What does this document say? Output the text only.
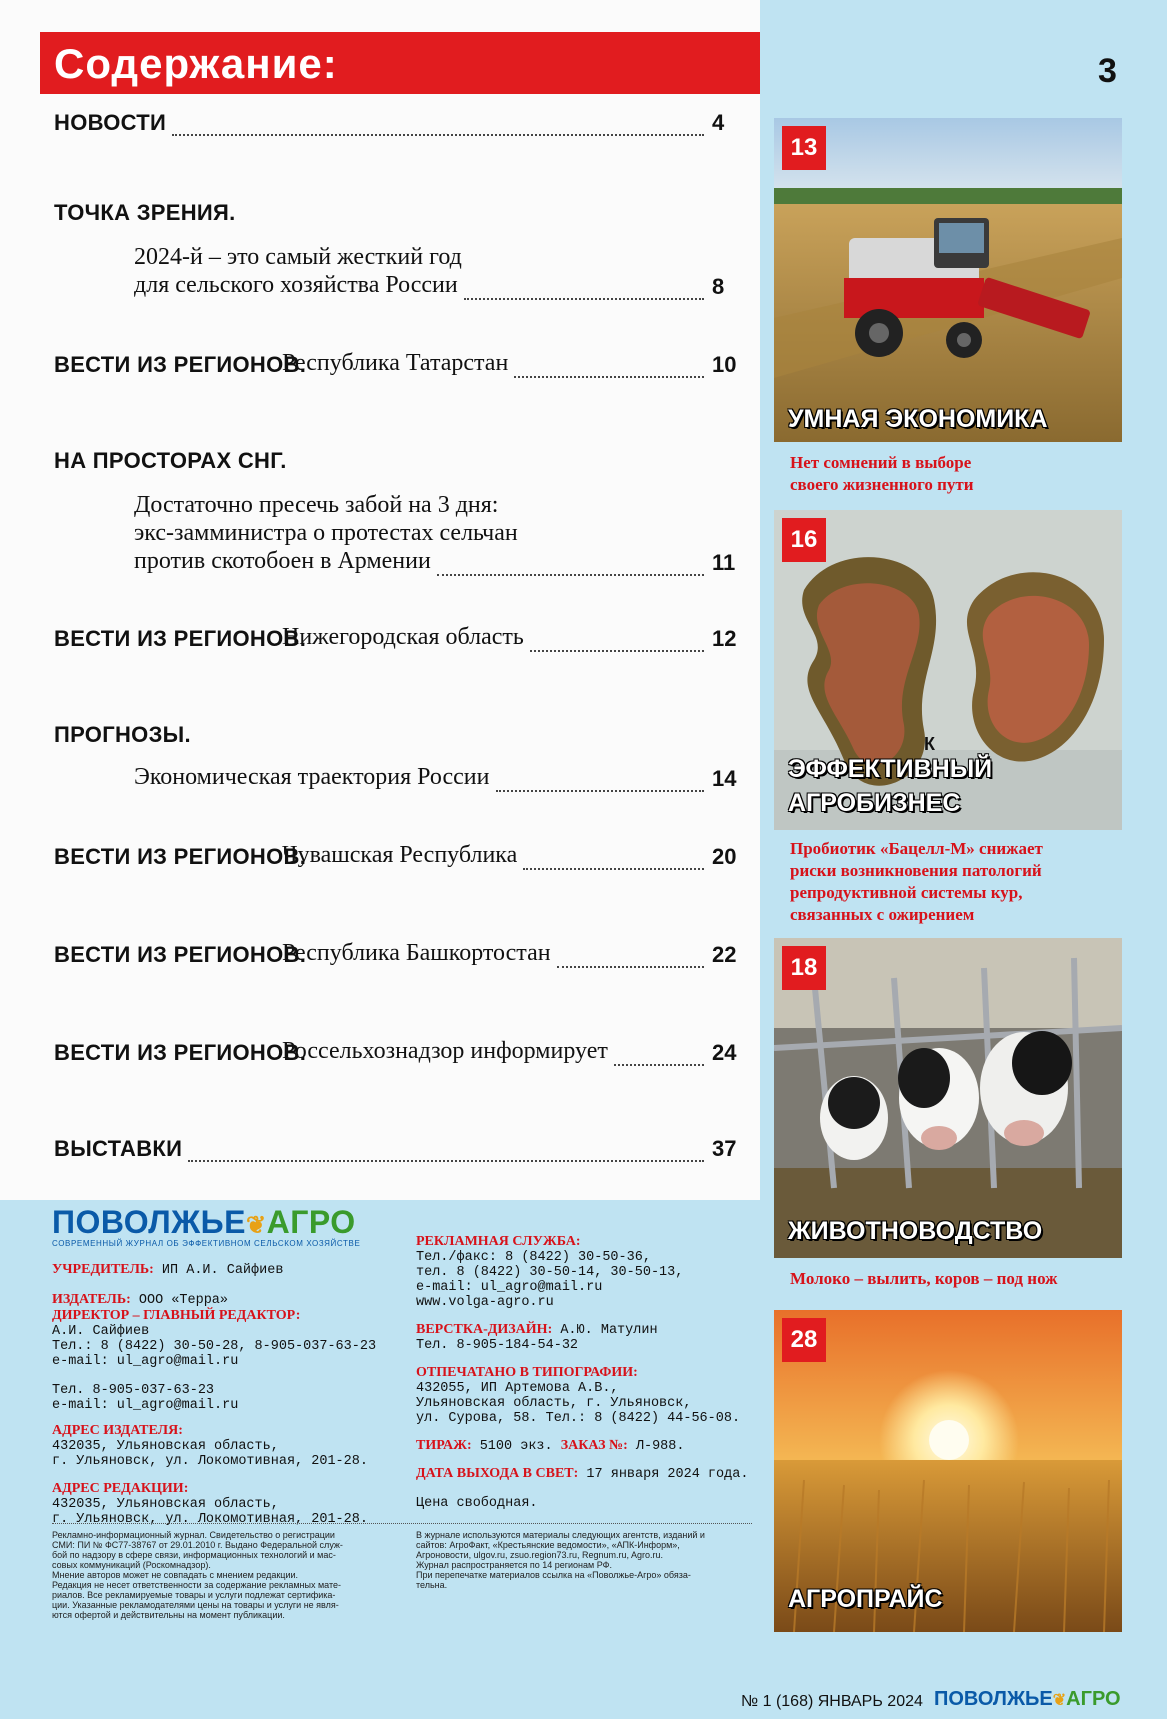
Содержание:	3
НОВОСТИ	4
ТОЧКА ЗРЕНИЯ.
2024-й – это самый жесткий год
для сельского хозяйства России	8
ВЕСТИ ИЗ РЕГИОНОВ.
Республика Татарстан	10
НА ПРОСТОРАХ СНГ.
Достаточно пресечь забой на 3 дня:
экс-замминистра о протестах сельчан
против скотобоен в Армении	11
ВЕСТИ ИЗ РЕГИОНОВ.
Нижегородская область	12
ПРОГНОЗЫ.
Экономическая траектория России	14
ВЕСТИ ИЗ РЕГИОНОВ.
Чувашская Республика	20
ВЕСТИ ИЗ РЕГИОНОВ.
Республика Башкортостан	22
ВЕСТИ ИЗ РЕГИОНОВ.
Россельхознадзор информирует	24
ВЫСТАВКИ	37
13
УМНАЯ ЭКОНОМИКА
Нет сомнений в выборе
своего жизненного пути
К
16
ЭФФЕКТИВНЫЙ
АГРОБИЗНЕС
Пробиотик «Бацелл-М» снижает
риски возникновения патологий
репродуктивной системы кур,
связанных с ожирением
18
ЖИВОТНОВОДСТВО
Молоко – вылить, коров – под нож
28
АГРОПРАЙС
ПОВОЛЖЬЕ❦АГРО
СОВРЕМЕННЫЙ ЖУРНАЛ ОБ ЭФФЕКТИВНОМ СЕЛЬСКОМ ХОЗЯЙСТВЕ
УЧРЕДИТЕЛЬ: ИП А.И. Сайфиев
ИЗДАТЕЛЬ: ООО «Терра»
ДИРЕКТОР – ГЛАВНЫЙ РЕДАКТОР:
А.И. Сайфиев
Тел.: 8 (8422) 30-50-28, 8-905-037-63-23
e-mail: ul_agro@mail.ru
Тел. 8-905-037-63-23
e-mail: ul_agro@mail.ru
АДРЕС ИЗДАТЕЛЯ:
432035, Ульяновская область,
г. Ульяновск, ул. Локомотивная, 201-28.
АДРЕС РЕДАКЦИИ:
432035, Ульяновская область,
г. Ульяновск, ул. Локомотивная, 201-28.
РЕКЛАМНАЯ СЛУЖБА:
Тел./факс: 8 (8422) 30-50-36,
тел. 8 (8422) 30-50-14, 30-50-13,
e-mail: ul_agro@mail.ru
www.volga-agro.ru
ВЕРСТКА-ДИЗАЙН: А.Ю. Матулин
Тел. 8-905-184-54-32
ОТПЕЧАТАНО В ТИПОГРАФИИ:
432055, ИП Артемова А.В.,
Ульяновская область, г. Ульяновск,
ул. Сурова, 58. Тел.: 8 (8422) 44-56-08.
ТИРАЖ: 5100 экз. ЗАКАЗ №: Л-988.
ДАТА ВЫХОДА В СВЕТ: 17 января 2024 года.
Цена свободная.
Рекламно-информационный журнал. Свидетельство о регистрации
СМИ: ПИ № ФС77-38767 от 29.01.2010 г. Выдано Федеральной служ-
бой по надзору в сфере связи, информационных технологий и мас-
совых коммуникаций (Роскомнадзор).
Мнение авторов может не совпадать с мнением редакции.
Редакция не несет ответственности за содержание рекламных мате-
риалов. Все рекламируемые товары и услуги подлежат сертифика-
ции. Указанные рекламодателями цены на товары и услуги не явля-
ются офертой и действительны на момент публикации.
В журнале используются материалы следующих агентств, изданий и
сайтов: АгроФакт, «Крестьянские ведомости», «АПК-Информ»,
Агроновости, ulgov.ru, zsuo.region73.ru, Regnum.ru, Agro.ru.
Журнал распространяется по 14 регионам РФ.
При перепечатке материалов ссылка на «Поволжье-Агро» обяза-
тельна.
№ 1 (168) ЯНВАРЬ 2024 ПОВОЛЖЬЕ❦АГРО
